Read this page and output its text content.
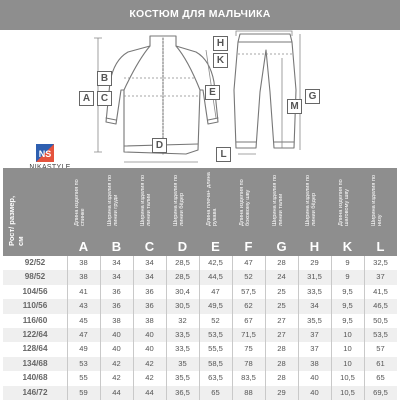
КОСТЮМ ДЛЯ МАЛЬЧИКА
NS
A
B
C
D
E
H
K
L
M
G
Рост/ размер, см
Длина изделия по спинке
A
Ширина изделия по линии груди
B
Ширина изделия по линии талии
C
Ширина изделия по линии бёдер
D
Длина плеча+ длина рукава
E
Длина изделия по боковому шву
F
Ширина изделия по линии талии
G
Ширина изделия по линии бёдер
H
Длина изделия по шаговому шву
K
Ширина изделия по низу
L
92/52	38	34	34	28,5	42,5	47	28	29	9	32,5
98/52	38	34	34	28,5	44,5	52	24	31,5	9	37
104/56	41	36	36	30,4	47	57,5	25	33,5	9,5	41,5
110/56	43	36	36	30,5	49,5	62	25	34	9,5	46,5
116/60	45	38	38	32	52	67	27	35,5	9,5	50,5
122/64	47	40	40	33,5	53,5	71,5	27	37	10	53,5
128/64	49	40	40	33,5	55,5	75	28	37	10	57
134/68	53	42	42	35	58,5	78	28	38	10	61
140/68	55	42	42	35,5	63,5	83,5	28	40	10,5	65
146/72	59	44	44	36,5	65	88	29	40	10,5	69,5
